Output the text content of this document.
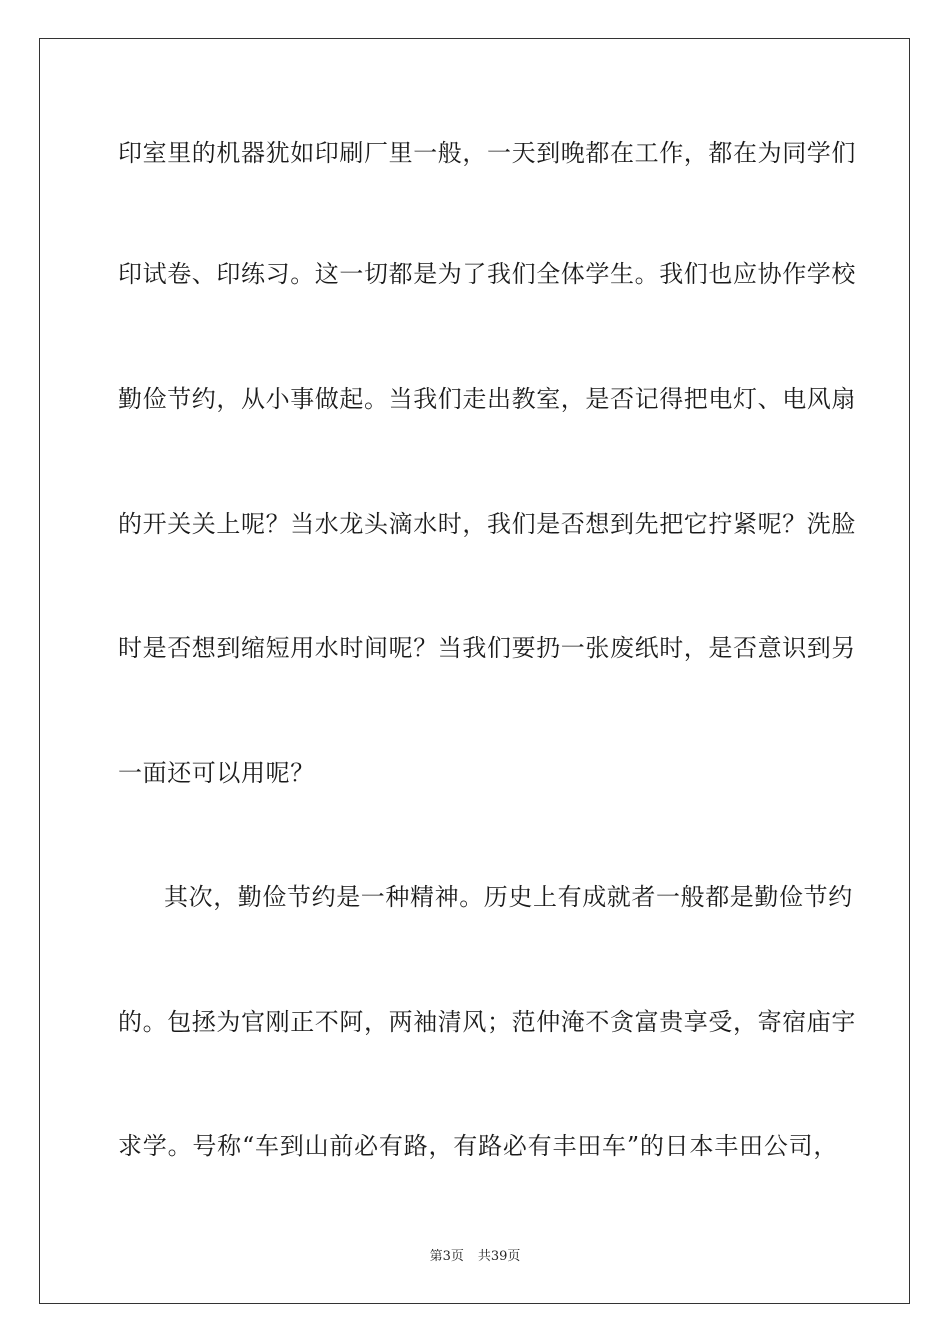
印室里的机器犹如印刷厂里一般，一天到晚都在工作，都在为同学们
印试卷、印练习。这一切都是为了我们全体学生。我们也应协作学校
勤俭节约，从小事做起。当我们走出教室，是否记得把电灯、电风扇
的开关关上呢？当水龙头滴水时，我们是否想到先把它拧紧呢？洗脸
时是否想到缩短用水时间呢？当我们要扔一张废纸时，是否意识到另
一面还可以用呢？
其次，勤俭节约是一种精神。历史上有成就者一般都是勤俭节约
的。包拯为官刚正不阿，两袖清风；范仲淹不贪富贵享受，寄宿庙宇
求学。号称“车到山前必有路，有路必有丰田车”的日本丰田公司，
第3页 共39页
